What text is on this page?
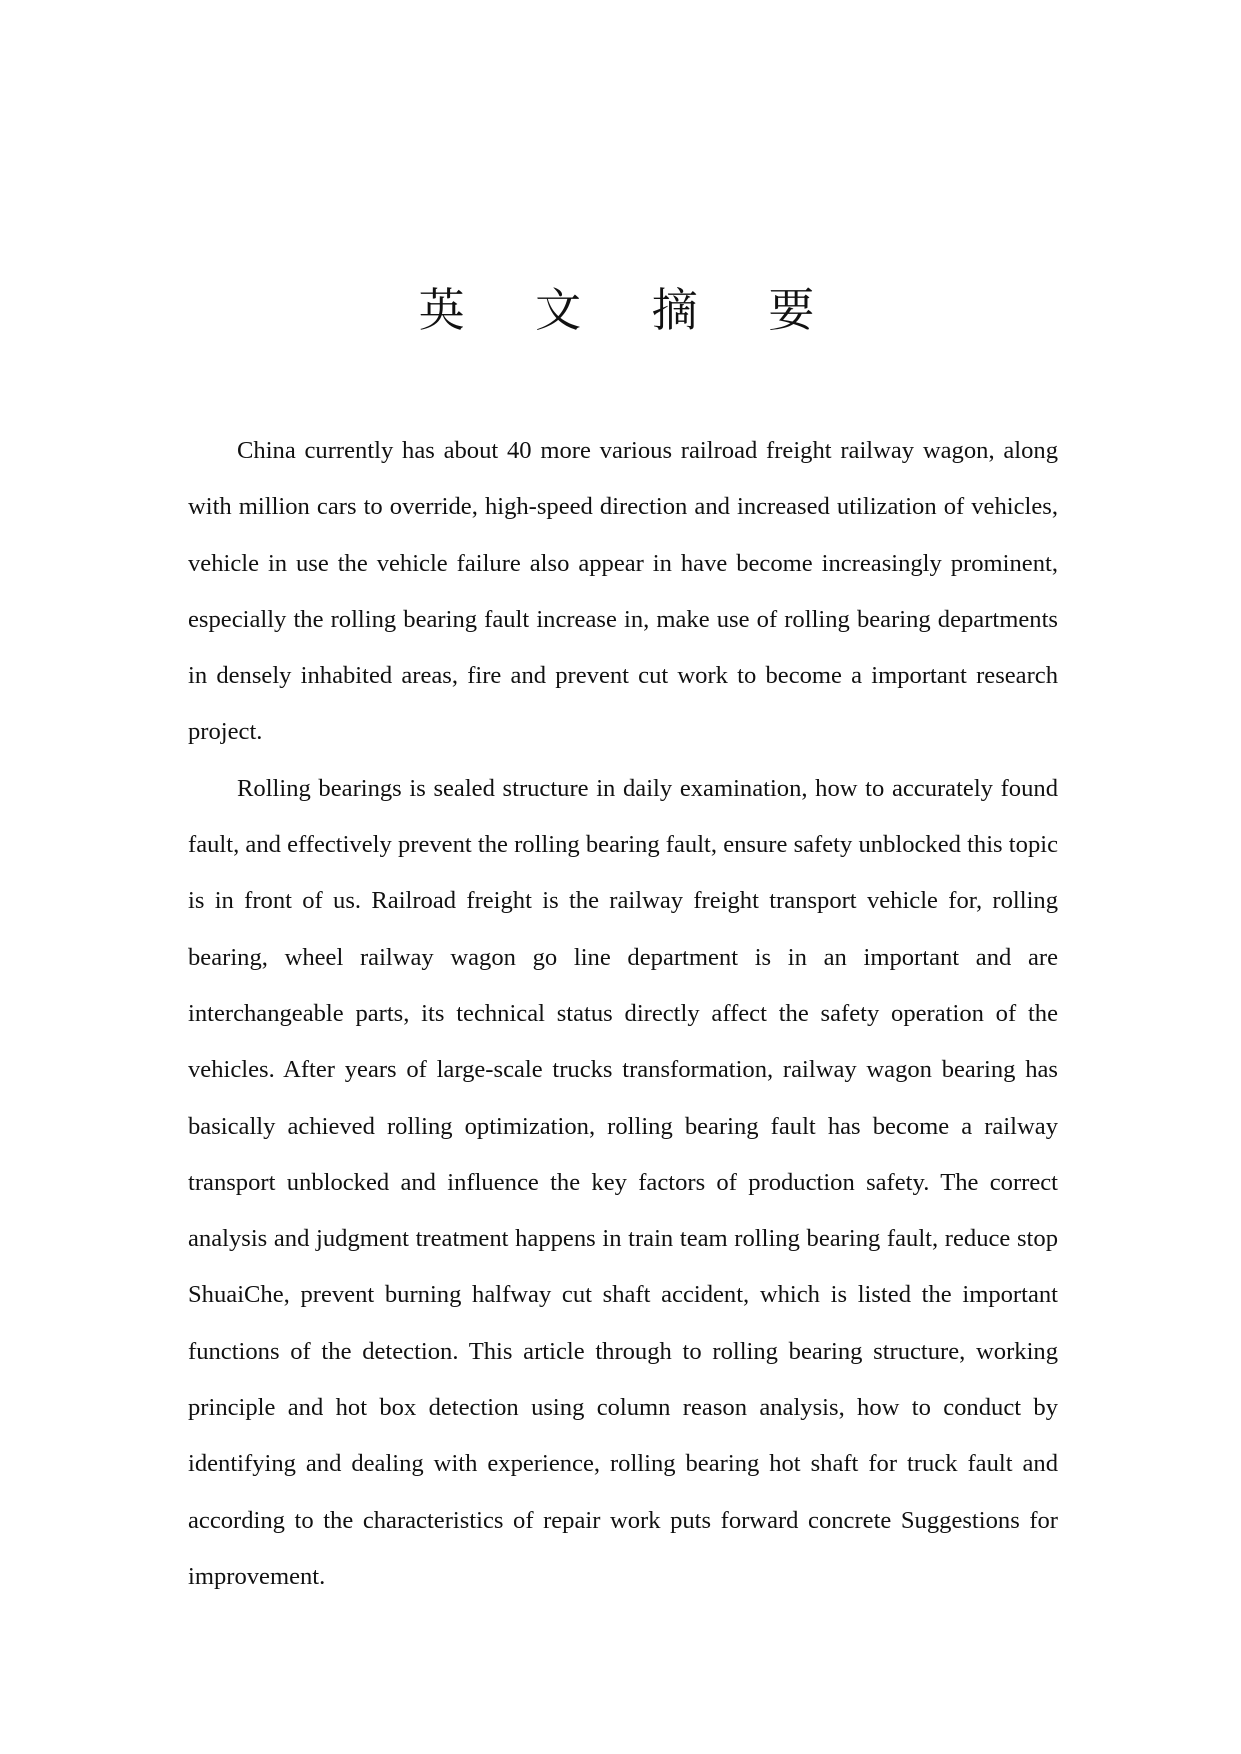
英 文 摘 要

China currently has about 40 more various railroad freight railway wagon, along with million cars to override, high-speed direction and increased utilization of vehicles, vehicle in use the vehicle failure also appear in have become increasingly prominent, especially the rolling bearing fault increase in, make use of rolling bearing departments in densely inhabited areas, fire and prevent cut work to become a important research project.

Rolling bearings is sealed structure in daily examination, how to accurately found fault, and effectively prevent the rolling bearing fault, ensure safety unblocked this topic is in front of us. Railroad freight is the railway freight transport vehicle for, rolling bearing, wheel railway wagon go line department is in an important and are interchangeable parts, its technical status directly affect the safety operation of the vehicles. After years of large-scale trucks transformation, railway wagon bearing has basically achieved rolling optimization, rolling bearing fault has become a railway transport unblocked and influence the key factors of production safety. The correct analysis and judgment treatment happens in train team rolling bearing fault, reduce stop ShuaiChe, prevent burning halfway cut shaft accident, which is listed the important functions of the detection. This article through to rolling bearing structure, working principle and hot box detection using column reason analysis, how to conduct by identifying and dealing with experience, rolling bearing hot shaft for truck fault and according to the characteristics of repair work puts forward concrete Suggestions for improvement.
